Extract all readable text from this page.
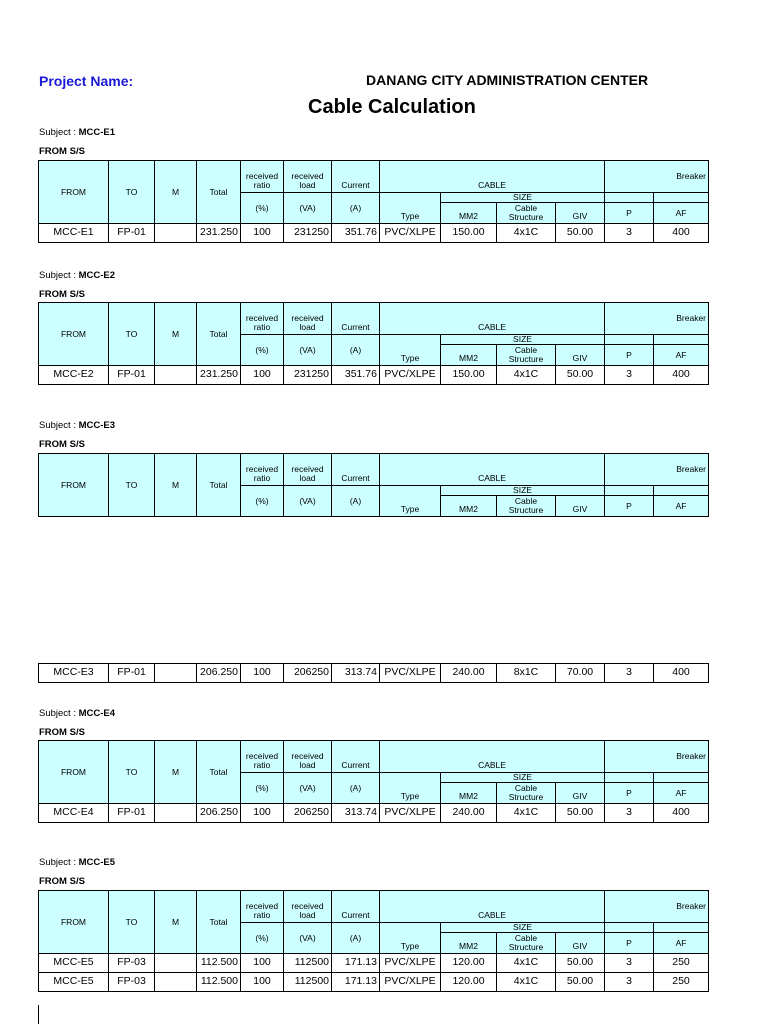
Project Name:	DANANG CITY ADMINISTRATION CENTER
Cable Calculation
Subject : MCC-E1
FROM S/S
FROM	TO	M	Total	received ratio	received load	Current	CABLE				Breaker	

				(%)	(VA)	(A)	Type	SIZE				
								MM2	Cable Structure	GIV	P	AF
MCC-E1	FP-01		231.250	100	231250	351.76	PVC/XLPE	150.00	4x1C	50.00	3	400
Subject : MCC-E2
FROM S/S
FROM	TO	M	Total	received ratio	received load	Current	CABLE				Breaker	

				(%)	(VA)	(A)	Type	SIZE				
								MM2	Cable Structure	GIV	P	AF
MCC-E2	FP-01		231.250	100	231250	351.76	PVC/XLPE	150.00	4x1C	50.00	3	400
Subject : MCC-E3
FROM S/S
FROM	TO	M	Total	received ratio	received load	Current	CABLE				Breaker	

				(%)	(VA)	(A)	Type	SIZE				
								MM2	Cable Structure	GIV	P	AF
MCC-E3	FP-01		206.250	100	206250	313.74	PVC/XLPE	240.00	8x1C	70.00	3	400
Subject : MCC-E4
FROM S/S
FROM	TO	M	Total	received ratio	received load	Current	CABLE				Breaker	

				(%)	(VA)	(A)	Type	SIZE				
								MM2	Cable Structure	GIV	P	AF
MCC-E4	FP-01		206.250	100	206250	313.74	PVC/XLPE	240.00	4x1C	50.00	3	400
Subject : MCC-E5
FROM S/S
FROM	TO	M	Total	received ratio	received load	Current	CABLE				Breaker	

				(%)	(VA)	(A)	Type	SIZE				
								MM2	Cable Structure	GIV	P	AF
MCC-E5	FP-03		112.500	100	112500	171.13	PVC/XLPE	120.00	4x1C	50.00	3	250
MCC-E5	FP-03		112.500	100	112500	171.13	PVC/XLPE	120.00	4x1C	50.00	3	250
